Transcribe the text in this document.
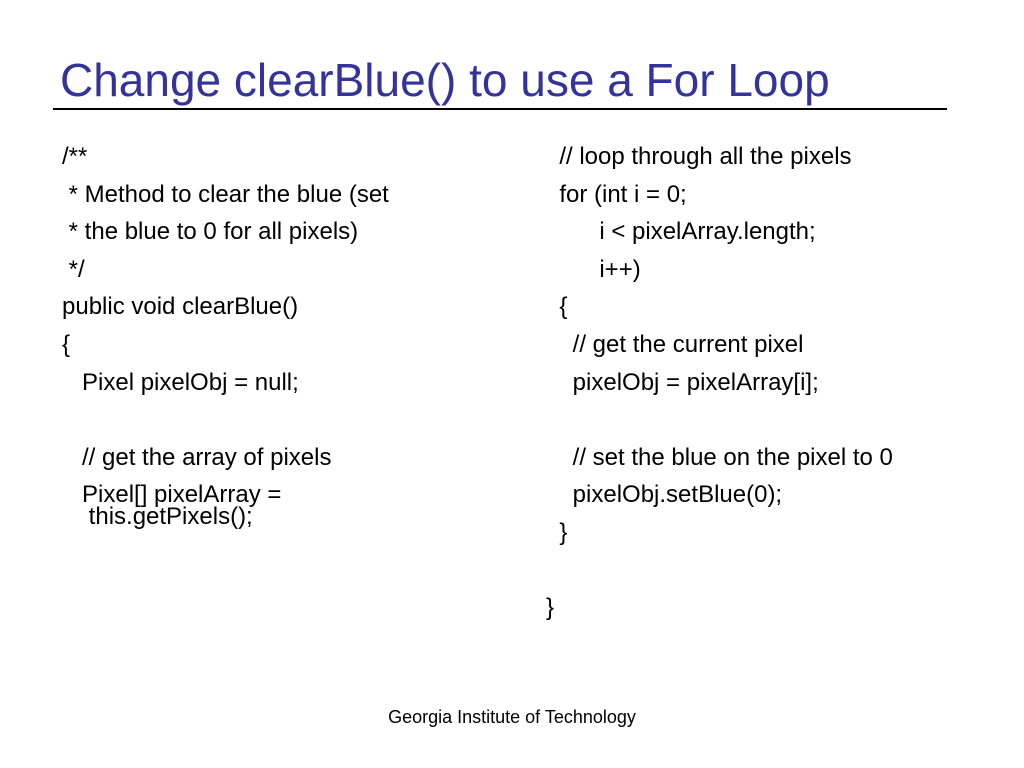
Change clearBlue() to use a For Loop
/**
* Method to clear the blue (set
* the blue to 0 for all pixels)
*/
public void clearBlue()
{
Pixel pixelObj = null;
// get the array of pixels
Pixel[] pixelArray =
this.getPixels();
// loop through all the pixels
for (int i = 0;
i < pixelArray.length;
i++)
{
// get the current pixel
pixelObj = pixelArray[i];
// set the blue on the pixel to 0
pixelObj.setBlue(0);
}
}
Georgia Institute of Technology
